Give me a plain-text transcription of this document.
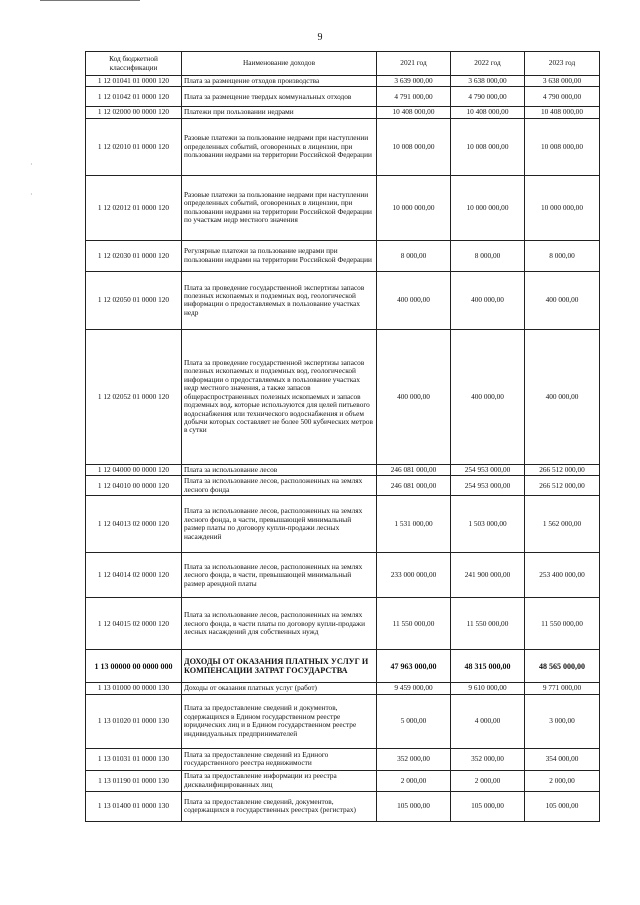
9
·
·
Код бюджетной классификации	Наименование доходов	2021 год	2022 год	2023 год
1 12 01041 01 0000 120	Плата за размещение отходов производства	3 639 000,00	3 638 000,00	3 638 000,00
1 12 01042 01 0000 120	Плата за размещение твердых коммунальных отходов	4 791 000,00	4 790 000,00	4 790 000,00
1 12 02000 00 0000 120	Платежи при пользовании недрами	10 408 000,00	10 408 000,00	10 408 000,00
1 12 02010 01 0000 120	Разовые платежи за пользование недрами при наступлении определенных событий, оговоренных в лицензии, при пользовании недрами на территории Российской Федерации	10 008 000,00	10 008 000,00	10 008 000,00
1 12 02012 01 0000 120	Разовые платежи за пользование недрами при наступлении определенных событий, оговоренных в лицензии, при пользовании недрами на территории Российской Федерации по участкам недр местного значения	10 000 000,00	10 000 000,00	10 000 000,00
1 12 02030 01 0000 120	Регулярные платежи за пользование недрами при пользовании недрами на территории Российской Федерации	8 000,00	8 000,00	8 000,00
1 12 02050 01 0000 120	Плата за проведение государственной экспертизы запасов полезных ископаемых и подземных вод, геологической информации о предоставляемых в пользование участках недр	400 000,00	400 000,00	400 000,00
1 12 02052 01 0000 120	Плата за проведение государственной экспертизы запасов полезных ископаемых и подземных вод, геологической информации о предоставляемых в пользование участках недр местного значения, а также запасов общераспространенных полезных ископаемых и запасов подземных вод, которые используются для целей питьевого водоснабжения или технического водоснабжения и объем добычи которых составляет не более 500 кубических метров в сутки	400 000,00	400 000,00	400 000,00
1 12 04000 00 0000 120	Плата за использование лесов	246 081 000,00	254 953 000,00	266 512 000,00
1 12 04010 00 0000 120	Плата за использование лесов, расположенных на землях лесного фонда	246 081 000,00	254 953 000,00	266 512 000,00
1 12 04013 02 0000 120	Плата за использование лесов, расположенных на землях лесного фонда, в части, превышающей минимальный размер платы по договору купли-продажи лесных насаждений	1 531 000,00	1 503 000,00	1 562 000,00
1 12 04014 02 0000 120	Плата за использование лесов, расположенных на землях лесного фонда, в части, превышающей минимальный размер арендной платы	233 000 000,00	241 900 000,00	253 400 000,00
1 12 04015 02 0000 120	Плата за использование лесов, расположенных на землях лесного фонда, в части платы по договору купли-продажи лесных насаждений для собственных нужд	11 550 000,00	11 550 000,00	11 550 000,00
1 13 00000 00 0000 000	ДОХОДЫ ОТ ОКАЗАНИЯ ПЛАТНЫХ УСЛУГ И КОМПЕНСАЦИИ ЗАТРАТ ГОСУДАРСТВА	47 963 000,00	48 315 000,00	48 565 000,00
1 13 01000 00 0000 130	Доходы от оказания платных услуг (работ)	9 459 000,00	9 610 000,00	9 771 000,00
1 13 01020 01 0000 130	Плата за предоставление сведений и документов, содержащихся в Едином государственном реестре юридических лиц и в Едином государственном реестре индивидуальных предпринимателей	5 000,00	4 000,00	3 000,00
1 13 01031 01 0000 130	Плата за предоставление сведений из Единого государственного реестра недвижимости	352 000,00	352 000,00	354 000,00
1 13 01190 01 0000 130	Плата за предоставление информации из реестра дисквалифицированных лиц	2 000,00	2 000,00	2 000,00
1 13 01400 01 0000 130	Плата за предоставление сведений, документов, содержащихся в государственных реестрах (регистрах)	105 000,00	105 000,00	105 000,00
